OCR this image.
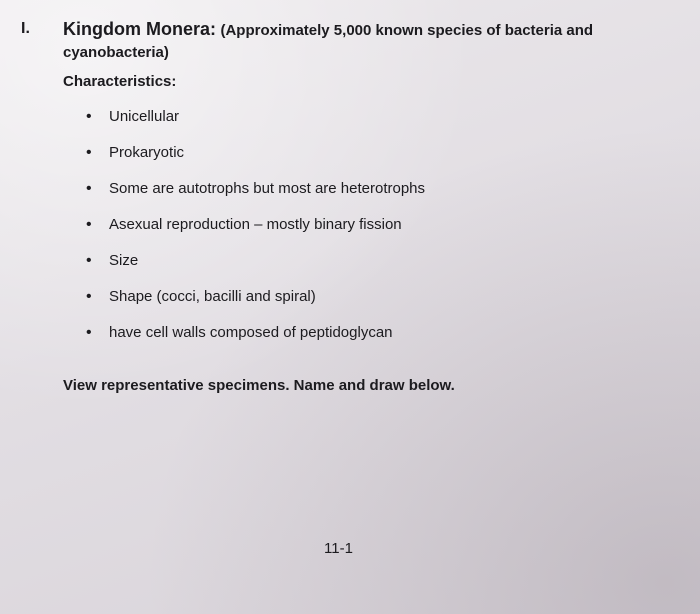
I. Kingdom Monera: (Approximately 5,000 known species of bacteria and cyanobacteria)
Characteristics:
• Unicellular
• Prokaryotic
• Some are autotrophs but most are heterotrophs
• Asexual reproduction – mostly binary fission
• Size
• Shape (cocci, bacilli and spiral)
• have cell walls composed of peptidoglycan
View representative specimens. Name and draw below.
11-1
